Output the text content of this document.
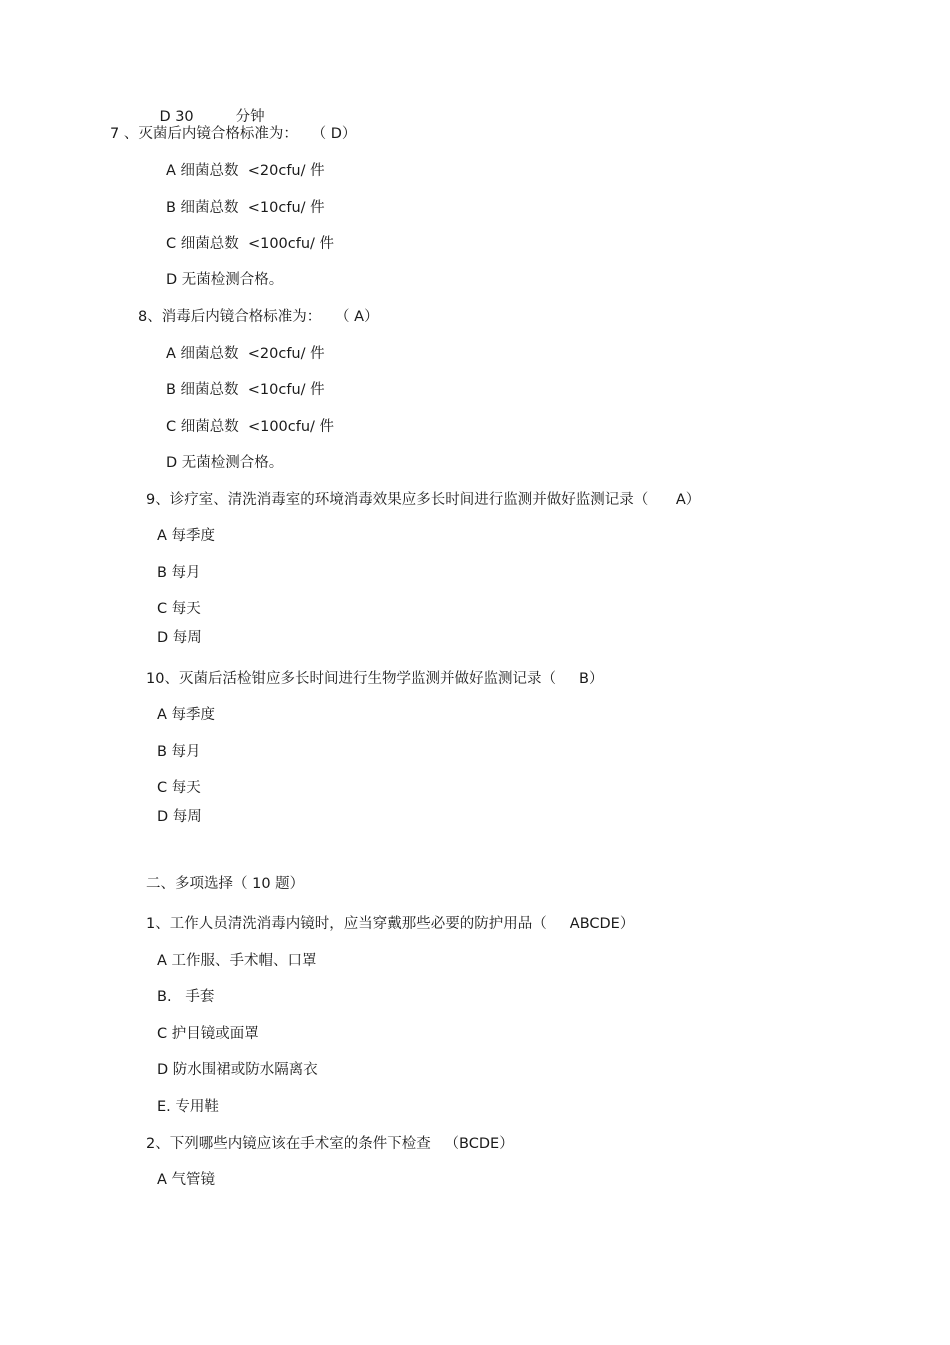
D 30	分钟

7 、灭菌后内镜合格标准为：   （ D）
A 细菌总数  <20cfu/ 件
B 细菌总数  <10cfu/ 件
C 细菌总数  <100cfu/ 件
D 无菌检测合格。
8、消毒后内镜合格标准为：   （ A）
A 细菌总数  <20cfu/ 件
B 细菌总数  <10cfu/ 件
C 细菌总数  <100cfu/ 件
D 无菌检测合格。
9、诊疗室、清洗消毒室的环境消毒效果应多长时间进行监测并做好监测记录（      A）
A 每季度
B 每月
C 每天
D 每周
10、灭菌后活检钳应多长时间进行生物学监测并做好监测记录（     B）
A 每季度
B 每月
C 每天
D 每周
二、多项选择（ 10 题）
1、工作人员清洗消毒内镜时，应当穿戴那些必要的防护用品（     ABCDE）
A 工作服、手术帽、口罩
B.   手套
C 护目镜或面罩
D 防水围裙或防水隔离衣
E. 专用鞋
2、下列哪些内镜应该在手术室的条件下检查   （BCDE）
A 气管镜
